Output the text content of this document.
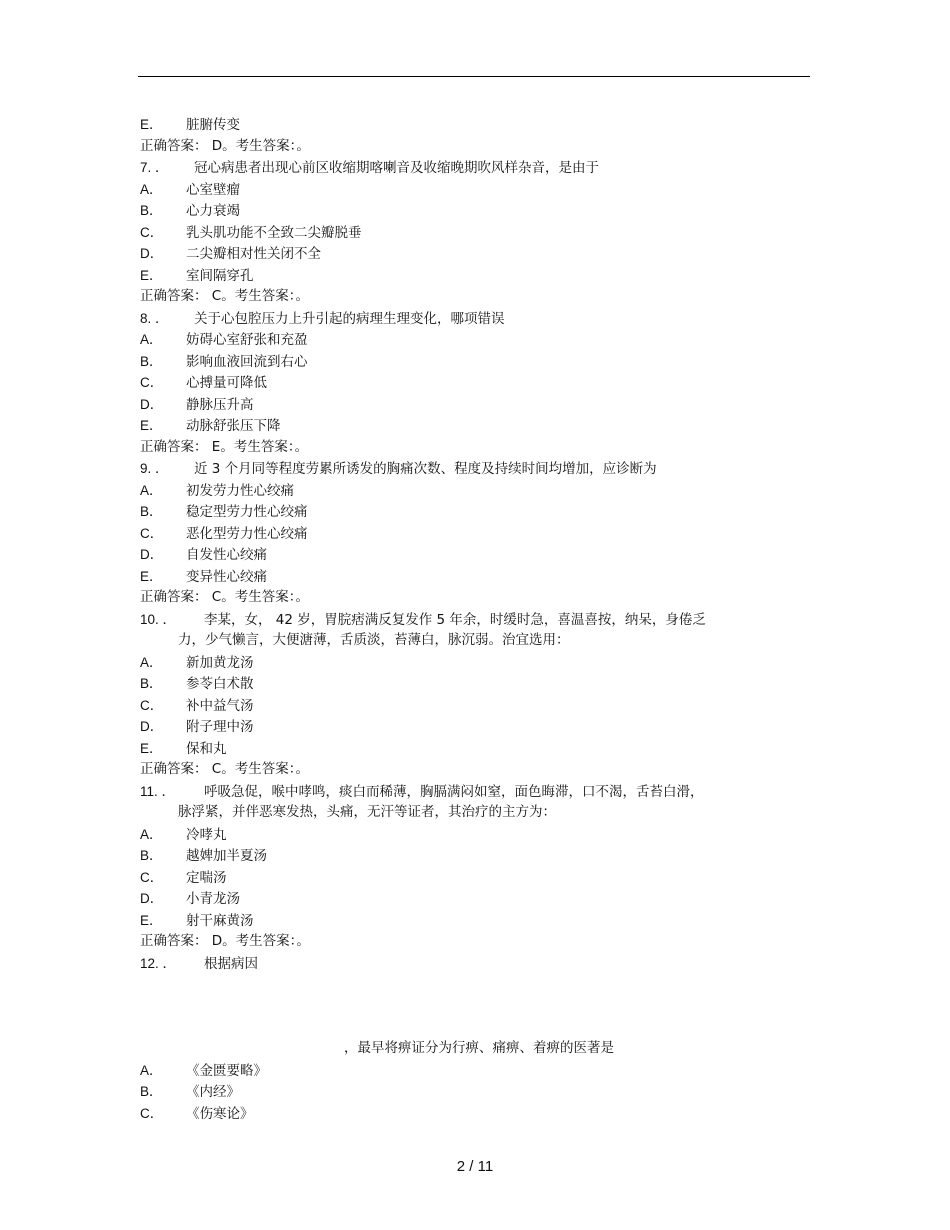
E． 脏腑传变
正确答案： D。考生答案：。
7. ． 冠心病患者出现心前区收缩期喀喇音及收缩晚期吹风样杂音，是由于
A． 心室壁瘤
B． 心力衰竭
C． 乳头肌功能不全致二尖瓣脱垂
D． 二尖瓣相对性关闭不全
E． 室间隔穿孔
正确答案： C。考生答案：。
8. ． 关于心包腔压力上升引起的病理生理变化，哪项错误
A． 妨碍心室舒张和充盈
B． 影响血液回流到右心
C． 心搏量可降低
D． 静脉压升高
E． 动脉舒张压下降
正确答案： E。考生答案：。
9. ． 近 3 个月同等程度劳累所诱发的胸痛次数、程度及持续时间均增加，应诊断为
A． 初发劳力性心绞痛
B． 稳定型劳力性心绞痛
C． 恶化型劳力性心绞痛
D． 自发性心绞痛
E． 变异性心绞痛
正确答案： C。考生答案：。
10. ． 李某，女， 42 岁，胃脘痞满反复发作 5 年余，时缓时急，喜温喜按，纳呆，身倦乏
力，少气懒言，大便溏薄，舌质淡，苔薄白，脉沉弱。治宜选用：
A． 新加黄龙汤
B． 参苓白术散
C． 补中益气汤
D． 附子理中汤
E． 保和丸
正确答案： C。考生答案：。
11. ． 呼吸急促，喉中哮鸣，痰白而稀薄，胸膈满闷如窒，面色晦滞，口不渴，舌苔白滑，
脉浮紧，并伴恶寒发热，头痛，无汗等证者，其治疗的主方为：
A． 冷哮丸
B． 越婢加半夏汤
C． 定喘汤
D． 小青龙汤
E． 射干麻黄汤
正确答案： D。考生答案：。
12. ． 根据病因
，最早将痹证分为行痹、痛痹、着痹的医著是
A． 《金匮要略》
B． 《内经》
C． 《伤寒论》
2 / 11
